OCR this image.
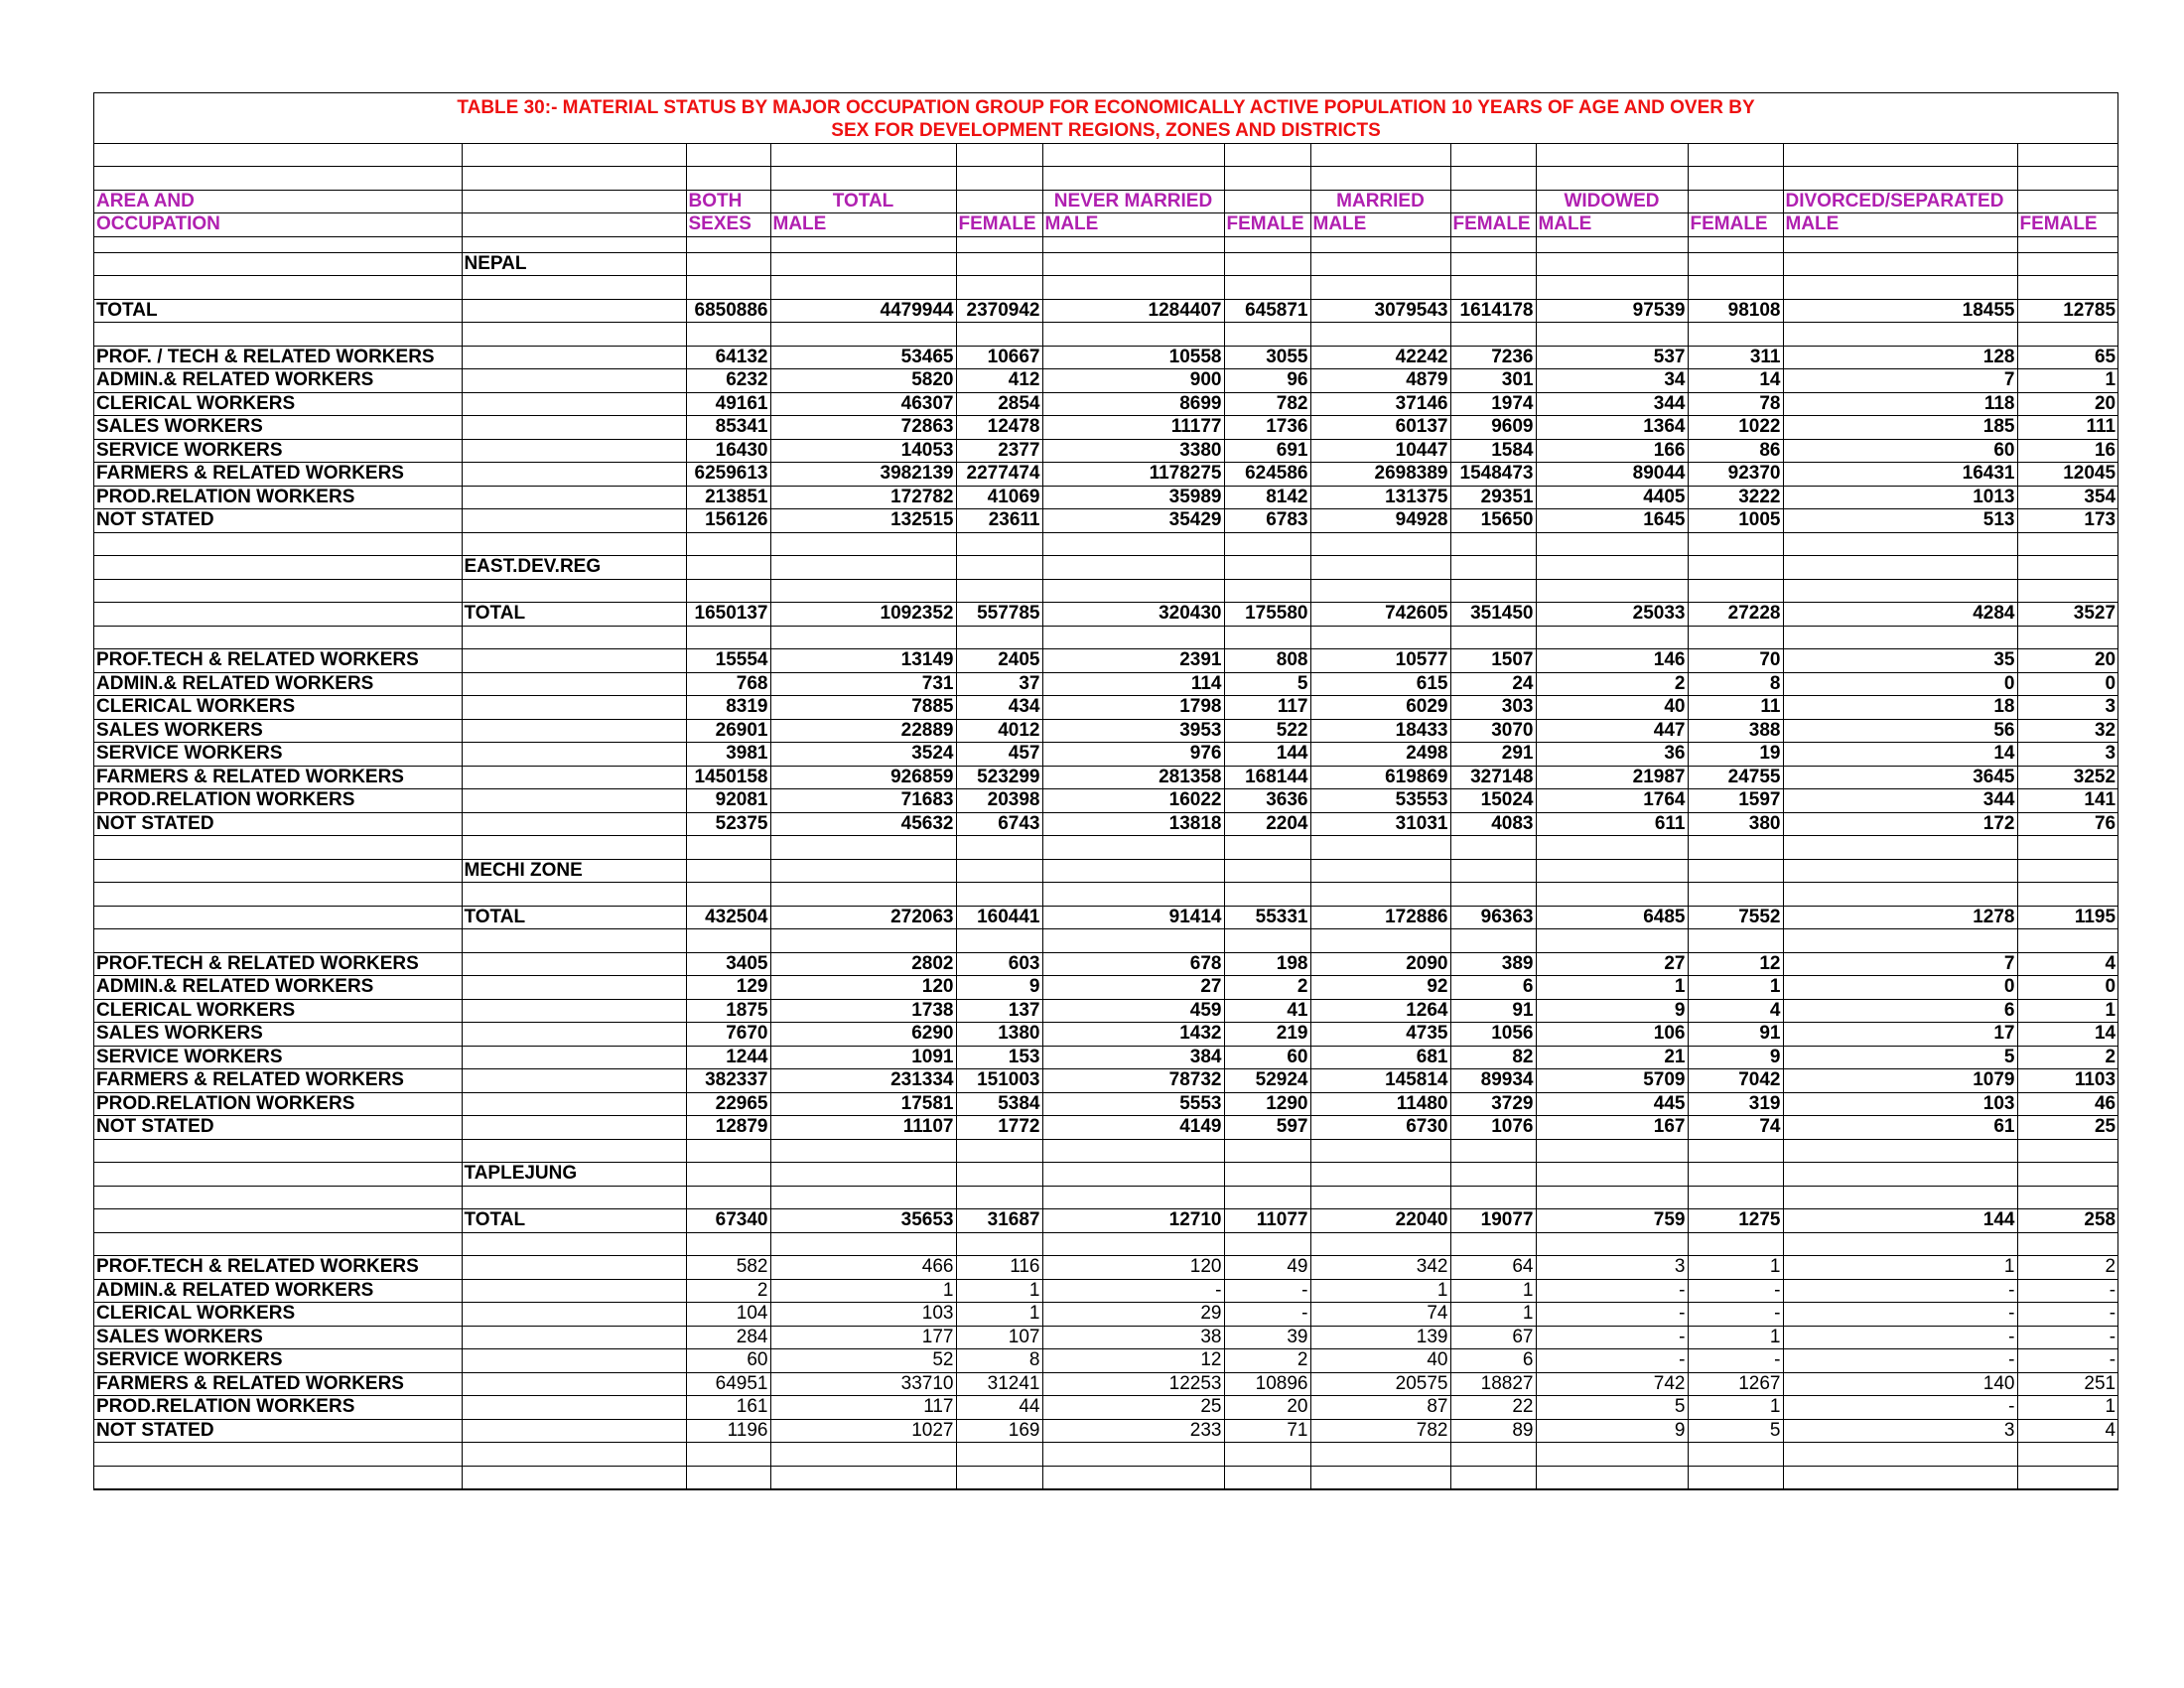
TABLE 30:- MATERIAL STATUS BY MAJOR OCCUPATION GROUP FOR ECONOMICALLY ACTIVE POPULATION 10 YEARS OF AGE AND OVER BY
SEX FOR DEVELOPMENT REGIONS, ZONES AND DISTRICTS												

AREA AND		BOTH	TOTAL		NEVER MARRIED		MARRIED		WIDOWED		DIVORCED/SEPARATED	
OCCUPATION		SEXES	MALE	FEMALE	MALE	FEMALE	MALE	FEMALE	MALE	FEMALE	MALE	FEMALE

	NEPAL											

TOTAL		6850886	4479944	2370942	1284407	645871	3079543	1614178	97539	98108	18455	12785

PROF. / TECH & RELATED WORKERS		64132	53465	10667	10558	3055	42242	7236	537	311	128	65
ADMIN.& RELATED WORKERS		6232	5820	412	900	96	4879	301	34	14	7	1
CLERICAL WORKERS		49161	46307	2854	8699	782	37146	1974	344	78	118	20
SALES WORKERS		85341	72863	12478	11177	1736	60137	9609	1364	1022	185	111
SERVICE WORKERS		16430	14053	2377	3380	691	10447	1584	166	86	60	16
FARMERS & RELATED WORKERS		6259613	3982139	2277474	1178275	624586	2698389	1548473	89044	92370	16431	12045
PROD.RELATION WORKERS		213851	172782	41069	35989	8142	131375	29351	4405	3222	1013	354
NOT STATED		156126	132515	23611	35429	6783	94928	15650	1645	1005	513	173

	EAST.DEV.REG											

	TOTAL	1650137	1092352	557785	320430	175580	742605	351450	25033	27228	4284	3527

PROF.TECH & RELATED WORKERS		15554	13149	2405	2391	808	10577	1507	146	70	35	20
ADMIN.& RELATED WORKERS		768	731	37	114	5	615	24	2	8	0	0
CLERICAL WORKERS		8319	7885	434	1798	117	6029	303	40	11	18	3
SALES WORKERS		26901	22889	4012	3953	522	18433	3070	447	388	56	32
SERVICE WORKERS		3981	3524	457	976	144	2498	291	36	19	14	3
FARMERS & RELATED WORKERS		1450158	926859	523299	281358	168144	619869	327148	21987	24755	3645	3252
PROD.RELATION WORKERS		92081	71683	20398	16022	3636	53553	15024	1764	1597	344	141
NOT STATED		52375	45632	6743	13818	2204	31031	4083	611	380	172	76

	MECHI ZONE											

	TOTAL	432504	272063	160441	91414	55331	172886	96363	6485	7552	1278	1195

PROF.TECH & RELATED WORKERS		3405	2802	603	678	198	2090	389	27	12	7	4
ADMIN.& RELATED WORKERS		129	120	9	27	2	92	6	1	1	0	0
CLERICAL WORKERS		1875	1738	137	459	41	1264	91	9	4	6	1
SALES WORKERS		7670	6290	1380	1432	219	4735	1056	106	91	17	14
SERVICE WORKERS		1244	1091	153	384	60	681	82	21	9	5	2
FARMERS & RELATED WORKERS		382337	231334	151003	78732	52924	145814	89934	5709	7042	1079	1103
PROD.RELATION WORKERS		22965	17581	5384	5553	1290	11480	3729	445	319	103	46
NOT STATED		12879	11107	1772	4149	597	6730	1076	167	74	61	25

	TAPLEJUNG											

	TOTAL	67340	35653	31687	12710	11077	22040	19077	759	1275	144	258

PROF.TECH & RELATED WORKERS		582	466	116	120	49	342	64	3	1	1	2
ADMIN.& RELATED WORKERS		2	1	1	-	-	1	1	-	-	-	-
CLERICAL WORKERS		104	103	1	29	-	74	1	-	-	-	-
SALES WORKERS		284	177	107	38	39	139	67	-	1	-	-
SERVICE WORKERS		60	52	8	12	2	40	6	-	-	-	-
FARMERS & RELATED WORKERS		64951	33710	31241	12253	10896	20575	18827	742	1267	140	251
PROD.RELATION WORKERS		161	117	44	25	20	87	22	5	1	-	1
NOT STATED		1196	1027	169	233	71	782	89	9	5	3	4
